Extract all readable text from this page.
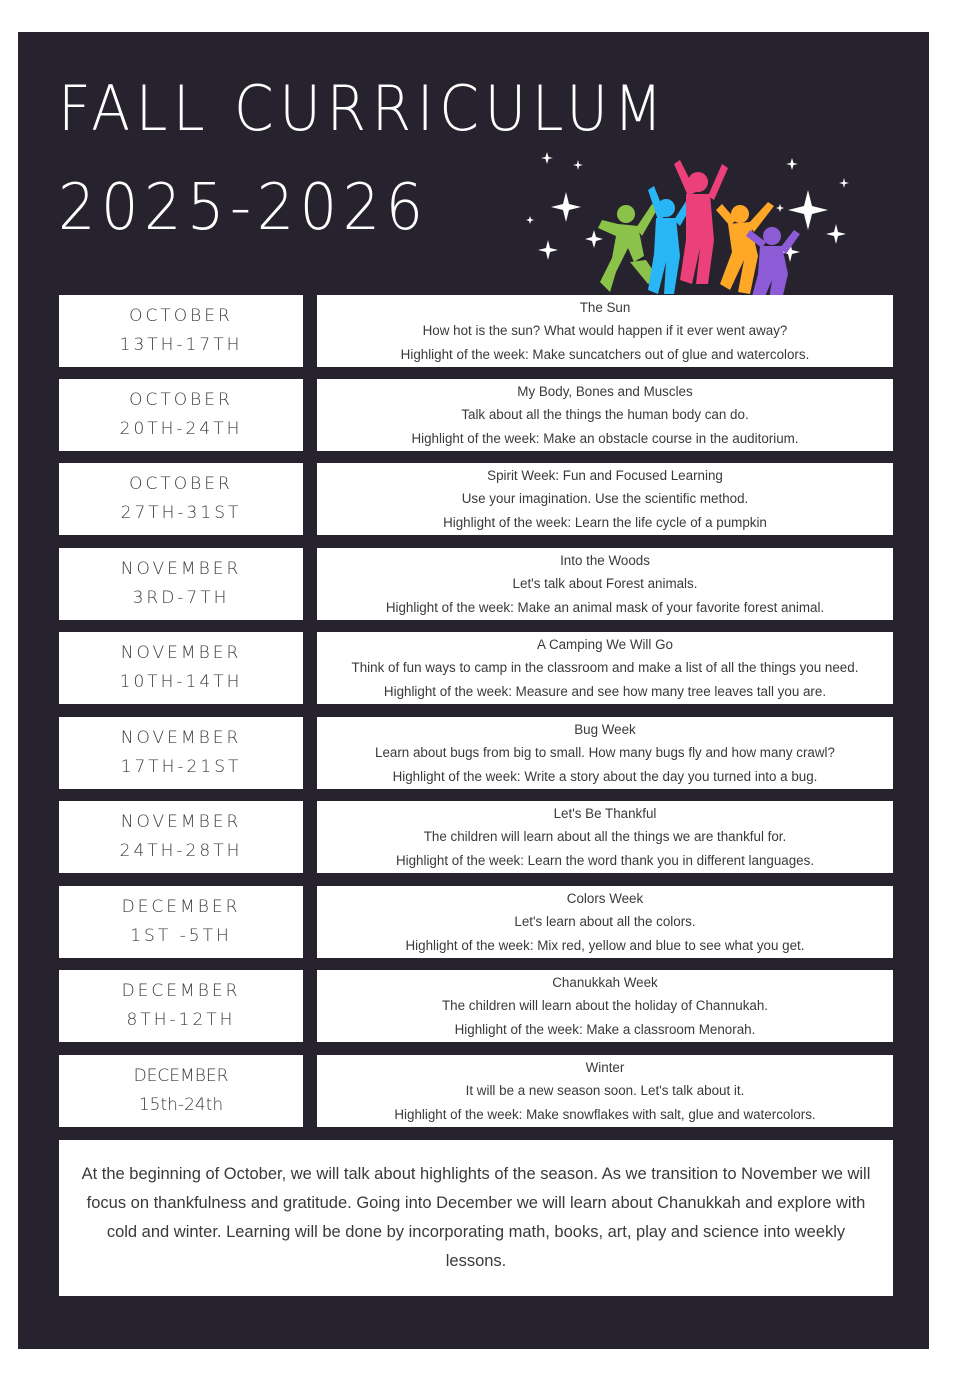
FALL CURRICULUM
2025-2026
OCTOBER
13TH-17TH
The Sun
How hot is the sun? What would happen if it ever went away?
Highlight of the week: Make suncatchers out of glue and watercolors.
OCTOBER
20TH-24TH
My Body, Bones and Muscles
Talk about all the things the human body can do.
Highlight of the week: Make an obstacle course in the auditorium.
OCTOBER
27TH-31ST
Spirit Week: Fun and Focused Learning
Use your imagination. Use the scientific method.
Highlight of the week: Learn the life cycle of a pumpkin
NOVEMBER
3RD-7TH
Into the Woods
Let's talk about Forest animals.
Highlight of the week: Make an animal mask of your favorite forest animal.
NOVEMBER
10TH-14TH
A Camping We Will Go
Think of fun ways to camp in the classroom and make a list of all the things you need.
Highlight of the week: Measure and see how many tree leaves tall you are.
NOVEMBER
17TH-21ST
Bug Week
Learn about bugs from big to small. How many bugs fly and how many crawl?
Highlight of the week: Write a story about the day you turned into a bug.
NOVEMBER
24TH-28TH
Let's Be Thankful
The children will learn about all the things we are thankful for.
Highlight of the week: Learn the word thank you in different languages.
DECEMBER
1ST -5TH
Colors Week
Let's learn about all the colors.
Highlight of the week: Mix red, yellow and blue to see what you get.
DECEMBER
8TH-12TH
Chanukkah Week
The children will learn about the holiday of Channukah.
Highlight of the week: Make a classroom Menorah.
DECEMBER
15th-24th
Winter
It will be a new season soon. Let's talk about it.
Highlight of the week: Make snowflakes with salt, glue and watercolors.

At the beginning of October, we will talk about highlights of the season. As we transition to November we will focus on thankfulness and gratitude. Going into December we will learn about Chanukkah and explore with cold and winter. Learning will be done by incorporating math, books, art, play and science into weekly lessons.
